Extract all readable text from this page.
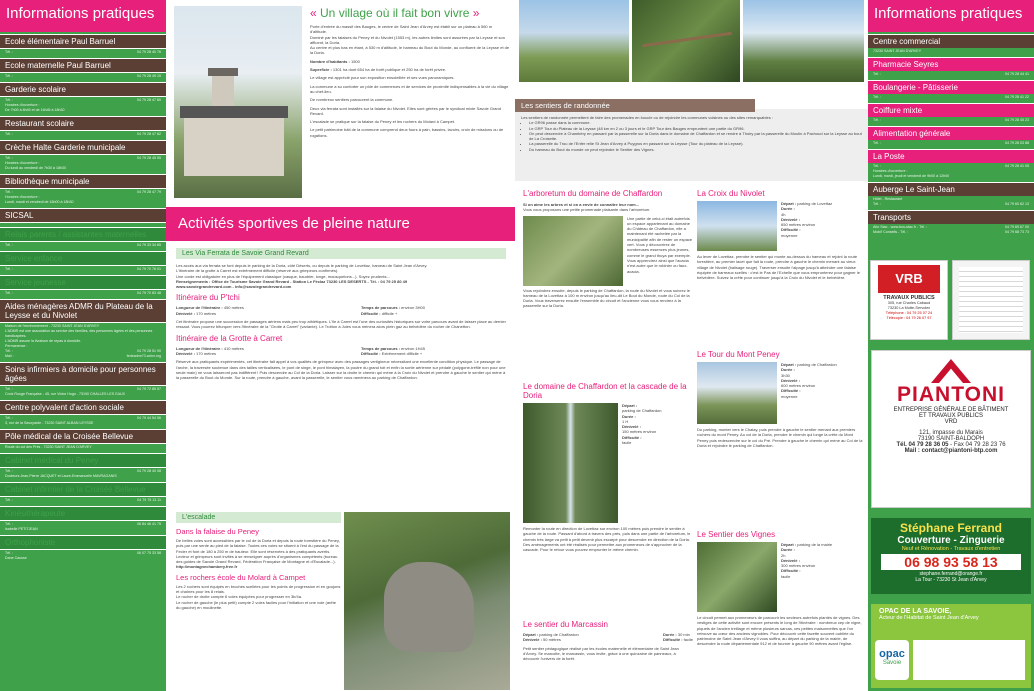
Informations pratiques
Ecole élémentaire Paul Barruel
Tél. :	04 79 28 40 76
Ecole maternelle Paul Barruel
Tél. :	04 79 28 49 15
Garderie scolaire
Tél. :	04 79 28 47 80
Horaires d'ouverture :
De 7h00 à 8h45 et de 16h45 à 18h30
Restaurant scolaire
Tél. :	04 79 28 47 82
Crèche Halte Garderie municipale
Tél. :	04 79 28 45 55
Horaires d'ouverture :
Du lundi au vendredi de 7h30 à 18h30
Bibliothèque municipale
Tél. :	04 79 28 47 79
Horaires d'ouverture :
Lundi, mardi et vendredi de 16h00 à 18h30
SICSAL
Relais parents / assistantes maternelles
Tél. :	04 79 33 34 65
Service enfance
Tél. :	04 79 70 76 01
Service jeunesse
Tél. :	04 79 70 83 48
Aides ménagères ADMR du Plateau de la Leysse et du Nivolet
Maison de l'environnement - 73230 SAINT JEAN D'ARVEY
L'ADMR est une association au service des familles, des personnes âgées et des personnes handicapées.
L'ADMR assure la livraison de repas à domicile.
Permanence :
Tél. :	04 79 28 51 90
Mail :	fedeadmr73.admr.org
Soins infirmiers à domicile pour personnes âgées
Tél. :	04 79 72 85 57
Croix Rouge Française - 45, rue Victor Hugo - 73190 CHALLES LES EAUX
Centre polyvalent d'action sociale
Tél. :	04 79 44 54 56
3, rue de la Savoyarde - 73230 SAINT ALBAN LEYSSE
Pôle médical de la Croisée Bellevue
Route du col des Prés - 73230 SAINT JEAN D'ARVEY
Cabinet médical du Peney
Tél. :	04 79 28 40 08
Docteurs Jean-Pierre JACQUET et Laure-Emmanuelle MAVRAGANIS
Cabinet infirmier de la Croisée Bellevue
Tél. :	04 79 75 13 11
Kinésithérapeute
Tél. :	06 84 46 41 75
Isabelle PETITJEAN
Orthophoniste
Tél. :	06 07 75 33 58
Dane Causse
« Un village où il fait bon vivre »
Porte d'entrée du massif des Bauges, le centre de Saint Jean d'Arvey est établi sur un plateau à 560 m d'altitude.
Dominé par les falaises du Peney et du Nivolet (1553 m), les autres limites sont assurées par la Leysse et son affluent, la Doria.
Au centre et plus bas en étant, à 530 m d'altitude, le hameau du Bout du Monde, au confluent de la Leysse et de la Doria.
Nombre d'habitants : 1500
Superficie : 1301 ha dont 654 ha de forêt publique et 250 ha de forêt privée.
Le village est apprécié pour son exposition ensoleillée et ses vues panoramiques.
La commune a su conforter un pôle de commerces et de services de proximité indispensables à la vie du village au chef-lieu.
De nombreux sentiers parcourent la commune.
Deux via ferrata sont installés sur la falaise du Nivolet. Elles sont gérées par le syndicat mixte Savoie Grand Revard.
L'escalade se pratique sur la falaise du Peney et les rochers du Molard à Campet.
Le petit patrimoine bâti de la commune comprend deux fours à pain, bassins, lavoirs, croix de missions ou de rogations.
Activités sportives de pleine nature
Les Via Ferrata de Savoie Grand Revard
Les accès aux via ferrata se font depuis le parking de la Doria, côté Déserts, ou depuis le parking de Lovettaz, hameau de Saint Jean d'Arvey.
L'itinéraire de la grotte à Carret est extrêmement difficile (réservé aux grimpeurs confirmés).
Une corde est obligatoire en plus de l'équipement classique (casque, baudrier, longe, mousquetons...). Soyez prudents...
Renseignements : Office de Tourisme Savoie Grand Revard - Station Le Féclaz 73230 LES DESERTS - Tél. : 04 79 25 80 49
www.savoiegrandrevard.com - info@savoiegrandrevard.com
Itinéraire du P'tchi
Longueur de l'itinéraire : 450 mètres
Dénivelé : 170 mètres
Temps de parcours : environ 3H00
Difficulté : difficile +
Cet itinéraire propose une succession de passages aériens mais peu trop athlétiques. L'île à Carret est l'une des curiosités historiques sur votre parcours avant de laisser place au dernier ressaut. Vous pourrez bifurquer vers l'itinéraire de la "Grotte à Carret" (variante). Le Trotton à Juies vous mènera alors plein gaz au belvédère du rocher de Chanetton.
Itinéraire de la Grotte à Carret
Longueur de l'itinéraire : 410 mètres
Dénivelé : 170 mètres
Temps de parcours : environ 1H45
Difficulté : Extrêmement difficile +
Réservé aux pratiquants expérimentés, cet itinéraire fait appel à vos qualités de grimpeur avec des passages vertigineux nécessitant une excellente condition physique. Le passage de l'arche, la traversée soutenue dans des tailles verticalisées, le pont de singe, le pont himalayen, la poutre du grand toit et enfin la sortie aérienne sur pédalé (polygone-tréfilé non pour une seule main) ne vous laisseront pas indifférent ! Puis descendre au Col de la Doria. Laisser sur la droite le chemin qui mène à la Croix du Nivolet et prendre à gauche le sentier qui mène à la passerelle du Bout du Monde. Sur la route, prendre à gauche, avant la passerelle, le sentier vous ramènera au parking de Chaffardon.
L'escalade
Dans la falaise du Peney
De belles voies sont accessibles par le col de la Doria et depuis la route forestière du Peney, puis par une sente au pied de la falaise. Toutes ces voies se situent à l'est du passage de la Fecler et font de 180 à 250 m de hauteur. Elle sont réservées à des pratiquants avertis. Lecteur et grimpeurs sont invités à se renseigner auprès d'organismes compétents (bureau des guides de Savoie Grand Revard, Fédération Française de Montagne et d'Escalade...).
http://montagnechambery.free.fr
Les rochers école du Molard à Campet
Les 2 rochers sont équipés en broches scellées pour les points de progression et en goujons et chaînes pour les 8 relais.
Le rocher de droite compte 6 voies équipées pour progresser en 3b/4a.
Le rocher de gauche (le plus petit) compte 2 voies faciles pour l'initiation et une voie (arête du gauche) en moulinette.
Les sentiers de randonnée
Les sentiers de randonnée permettent de faire des promenades en boucle ou de rejoindre les communes voisines ou des sites remarquables :
• Le GR96 passe dans la commune.
• Le GRP Tour du Plateau de la Leysse (48 km en 2 ou 3 jours et le GRP Tour des Bauges empruntent une partie du GR96.
• On peut descendre à Chambéry en passant par la passerelle sur la Doria dans le domaine de Chaffardon et se rendre à Thoiry par la passerelle du Moulin à Pachoud sur la Leysse au bout de La Croisette.
• La passerelle du Trou de l'Enfer relie St Jean d'Arvey à Puygros en passant sur la Leysse (Tour du plateau de la Leysse).
• Du hameau du Bout du monde on peut rejoindre le Sentier des Vignes.
L'arboretum du domaine de Chaffardon
Si on aime les arbres et si on a envie de connaître leur nom...
Vous vous proposons une petite promenade plaisante dans l'arboretum.
Une partie de celui-ci était autrefois un espace appartenant au domaine du Château de Chaffardon, elle a maintenant été rachetée par la municipalité afin de rester un espace vert. Vous y découvrirez de nombreuses essences plus jeunes, comme le grand thuya par exemple. Vous apprendrez ainsi que l'acacia n'est autre que le robinier ou faux-acacia.
Vous rejoindrez ensuite, depuis le parking de Chaffardon, la route du Nivolet et vous suivrez le hameau de la Lovettaz à 100 m environ jusqu'au lieu-dit Le Bout du Monde, route du Col de la Doria. Vous traverserez ensuite l'ensemble du circuit et l'ancienne vous vous rendrez à la passerelle sur la Doria.
Le domaine de Chaffardon et la cascade de la Doria
Départ :
parking de Chaffardon
Durée :
1 H
Dénivelé :
150 mètres environ
Difficulté :
facile
Remonter la route en direction de Lovettaz sur environ 100 mètres puis prendre le sentier à gauche de la route. Passant d'abord à travers des prés, puis dans une partie de l'arboretum, le chemin très large va petit à petit devenir plus escarpé pour descendre en direction de la Doria. Des aménagements ont été réalisés pour permettre aux promeneurs de s'approcher de la cascade. Pour le retour vous pouvez emprunter le même chemin.
Le sentier du Marcassin
Départ : parking de Chaffardon
Dénivelé : 50 mètres
Durée : 30 min
Difficulté : facile
Petit sentier pédagogique réalisé par les écoles maternelle et élémentaire de Saint Jean d'Arvey. Se marcotte, le marcassin, vous invite, grâce à une quinzaine de panneaux, à découvrir l'univers de la forêt.
La Croix du Nivolet
Départ : parking de Lovettaz
Durée :
4h
Dénivelé :
650 mètres environ
Difficulté :
moyenne
Au lever de Lovettaz, prendre le sentier qui monte au-dessus du hameau et rejoint la route forestière, au premier lacet que fait la route, prendre à gauche le chemin menant au vieux village de Nivolet (balisage rouge). Traverser ensuite l'alpage jusqu'à atteindre une falaise équipée de barreaux scellés : c'est le Pas de l'Echelle que vous emprunterez pour gagner le belvédère. Suivez la crête pour continuer jusqu'à la Croix du Nivolet et le belvédère.
Le Tour du Mont Peney
Départ : parking de Chaffardon
Durée :
3h30
Dénivelé :
600 mètres environ
Difficulté :
moyenne
Du parking, monter vers le Chalay, puis prendre à gauche le sentier menant aux premiers rochers du mont Peney. Au col de la Doria, prendre le chemin qui longe la crête du Mont Peney puis redescendre sur le col du Pré. Prendre à gauche le chemin qui mène au Col de la Doria et rejoindre le parking de Chaffardon.
Le Sentier des Vignes
Départ : parking de la mairie
Durée :
2h
Dénivelé :
300 mètres environ
Difficulté :
facile
Le circuit permet aux promeneurs de parcourir les secteurs autrefois plantés de vignes. Des vestiges de cette activité sont encore présents le long de l'itinéraire : nombreux cep de vigne, piquets de l'ancien treillage et même plusieurs sarcas, ces petites maisonnettes que l'on retrouve au cœur des anciens vignobles. Pour découvrir cette facette souvent oubliée du patrimoine de Saint Jean d'Arvey il vous suffira, au départ du parking de la mairie, de descendre la route départementale 912 et de tourner à gauche 90 mètres avant l'église.
Informations pratiques
Centre commercial
73230 SAINT JEAN D'ARVEY
Pharmacie Seyres
Tél. :	04 79 28 44 41
Boulangerie - Pâtisserie
Tél. :	04 79 28 41 22
Coiffure mixte
Tél. :	04 79 28 45 23
Alimentation générale
Tél. :	04 79 28 03 88
La Poste
Tél. :	04 79 28 41 05
Horaires d'ouverture :
Lundi, mardi, jeudi et vendredi de 9h00 à 12h00
Auberge Le Saint-Jean
Hôtel - Restaurant
Tél. :	04 79 60 62 13
Transports
Alto Stac - www.bus-stac.fr - Tél. :	04 79 69 67 00
Mobil' Conseils - Tél. :	04 79 68 73 73
VRB
TRAVAUX PUBLICS
305, rue Charles Cabaud
73230 La Motte-Servolex
Téléphone : 04 79 25 07 24
Télécopie : 04 79 26 07 97
PIANTONI
ENTREPRISE GÉNÉRALE DE BÂTIMENT
ET TRAVAUX PUBLICS
VRD
121, impasse du Marais
73190 SAINT-BALDOPH
Tél. 04 79 28 36 05 - Fax 04 79 28 23 76
Mail : contact@piantoni-btp.com
Stéphane Ferrand
Couverture - Zinguerie
Neuf et Rénovation - Travaux d'entretien
06 98 93 58 13
stephane.ferrand@orange.fr
La Tour - 73230 St Jean d'Arvey
OPAC DE LA SAVOIE,
Acteur de l'Habitat de Saint Jean d'Arvey
opac
Savoie
